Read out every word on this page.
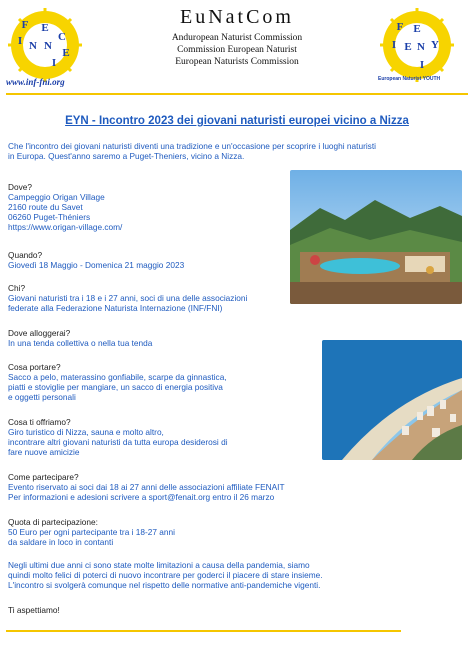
F
I N
E
N
C
I
E
www.inf-fni.org
EuNatCom
Anduropean Naturist Commission
Commission European Naturist
European Naturists Commission
F
I E N Y
E
I
European Naturist YOUTH
EYN - Incontro 2023 dei giovani naturisti europei vicino a Nizza
Che l'incontro dei giovani naturisti diventi una tradizione e un'occasione per scoprire i luoghi naturisti
in Europa. Quest'anno saremo a Puget-Theniers, vicino a Nizza.
Dove?
Campeggio Origan Village
2160 route du Savet
06260 Puget-Théniers
https://www.origan-village.com/
Quando?
Giovedì 18 Maggio - Domenica 21 maggio 2023
Chi?
Giovani naturisti tra i 18 e i 27 anni, soci di una delle associazioni
federate alla Federazione Naturista Internazione (INF/FNI)
Dove alloggerai?
In una tenda collettiva o nella tua tenda
Cosa portare?
Sacco a pelo, materassino gonfiabile, scarpe da ginnastica,
piatti e stoviglie per mangiare, un sacco di energia positiva
e oggetti personali
Cosa ti offriamo?
Giro turistico di Nizza, sauna e molto altro,
incontrare altri giovani naturisti da tutta europa desiderosi di
fare nuove amicizie
Come partecipare?
Evento riservato ai soci dai 18 ai 27 anni delle associazioni affiliate FENAIT
Per informazioni e adesioni scrivere a sport@fenait.org entro il 26 marzo
Quota di partecipazione:
50 Euro per ogni partecipante tra i 18-27 anni
da saldare in loco in contanti
Negli ultimi due anni ci sono state molte limitazioni a causa della pandemia, siamo
quindi molto felici di poterci di nuovo incontrare per goderci il piacere di stare insieme.
L'incontro si svolgerà comunque nel rispetto delle normative anti-pandemiche vigenti.
Ti aspettiamo!
